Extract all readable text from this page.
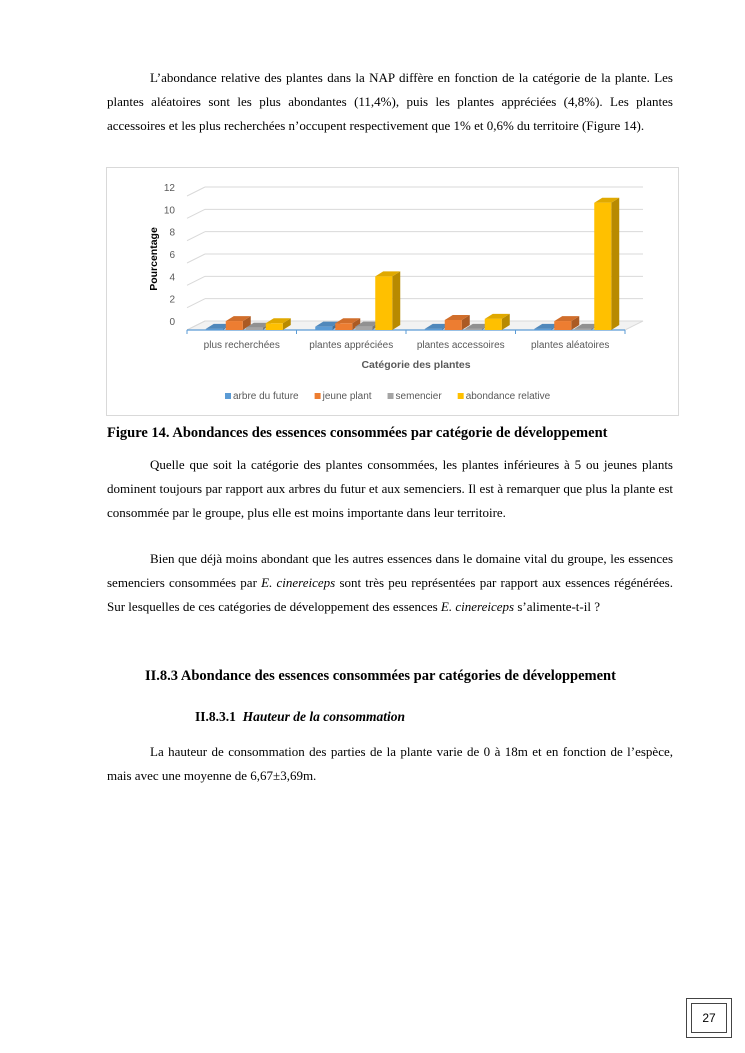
L’abondance relative des plantes dans la NAP diffère en fonction de la catégorie de la plante. Les plantes aléatoires sont les plus abondantes (11,4%), puis les plantes appréciées (4,8%). Les plantes accessoires et les plus recherchées n’occupent respectivement que 1% et 0,6% du territoire (Figure 14).

0
2
4
6
8
10
12
plus recherchées	plantes appréciées plantes accessoires	plantes aléatoires
Catégorie des plantes
Pourcentage
arbre du future jeune plant semencier abondance relative

Figure 14. Abondances des essences consommées par catégorie de développement

Quelle que soit la catégorie des plantes consommées, les plantes inférieures à 5 ou jeunes plants dominent toujours par rapport aux arbres du futur et aux semenciers. Il est à remarquer que plus la plante est consommée par le groupe, plus elle est moins importante dans leur territoire.

Bien que déjà moins abondant que les autres essences dans le domaine vital du groupe, les essences semenciers consommées par E. cinereiceps sont très peu représentées par rapport aux essences régénérées. Sur lesquelles de ces catégories de développement des essences E. cinereiceps s’alimente-t-il ?

II.8.3 Abondance des essences consommées par catégories de développement

II.8.3.1 Hauteur de la consommation

La hauteur de consommation des parties de la plante varie de 0 à 18m et en fonction de l’espèce, mais avec une moyenne de 6,67±3,69m.

27
